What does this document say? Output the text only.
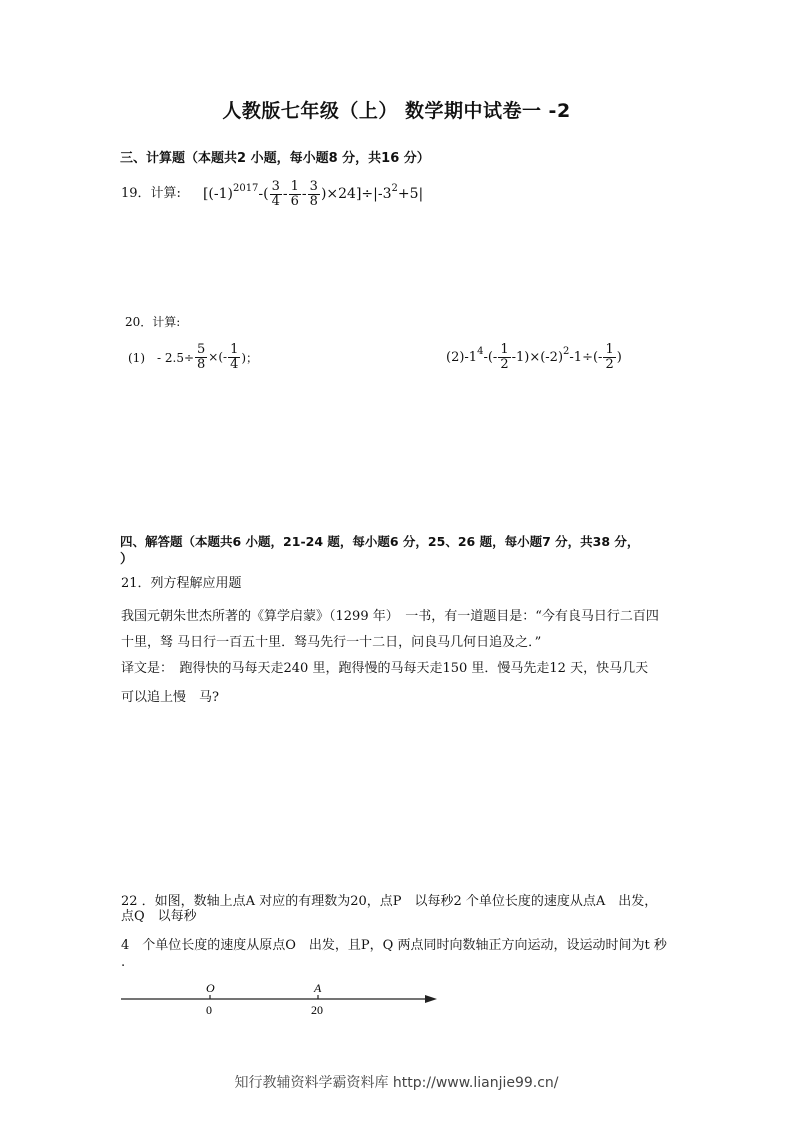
人教版七年级（上） 数学期中试卷一 -2
三、计算题（本题共2 小题，每小题8 分，共16 分）
19．计算: [(-1) 2017 -( $\frac{3}{4} - \frac{1}{6} - \frac{3}{8} )\times 24]\div|-3$ 2 +5|
20．计算:
(1)　- $2.5\div \frac{5}{8}$ ×(- $\frac{1}{4}$ )；	(2)-1 4 -(- $\frac{1}{2} -1)\times(-2)$ 2 $-1\div(- \frac{1}{2}$ )
四、解答题（本题共6 小题，21-24 题，每小题6 分，25、26 题，每小题7 分，共38 分，
）
21．列方程解应用题
我国元朝朱世杰所著的《算学启蒙》（1299 年）　一书，有一道题目是：“今有良马日行二百四
十里，驽 马日行一百五十里．驽马先行一十二日，问良马几何日追及之．”
译文是：　跑得快的马每天走240 里，跑得慢的马每天走150 里．慢马先走12 天，快马几天
可以追上慢　马?
22 ．如图，数轴上点A 对应的有理数为20，点P　以每秒2 个单位长度的速度从点A　出发，
点Q　以每秒
4　个单位长度的速度从原点O　出发，且P，Q 两点同时向数轴正方向运动，设运动时间为t 秒
.
O
0
A
20
知行教辅资料学霸资料库 http://www.lianjie99.cn/
